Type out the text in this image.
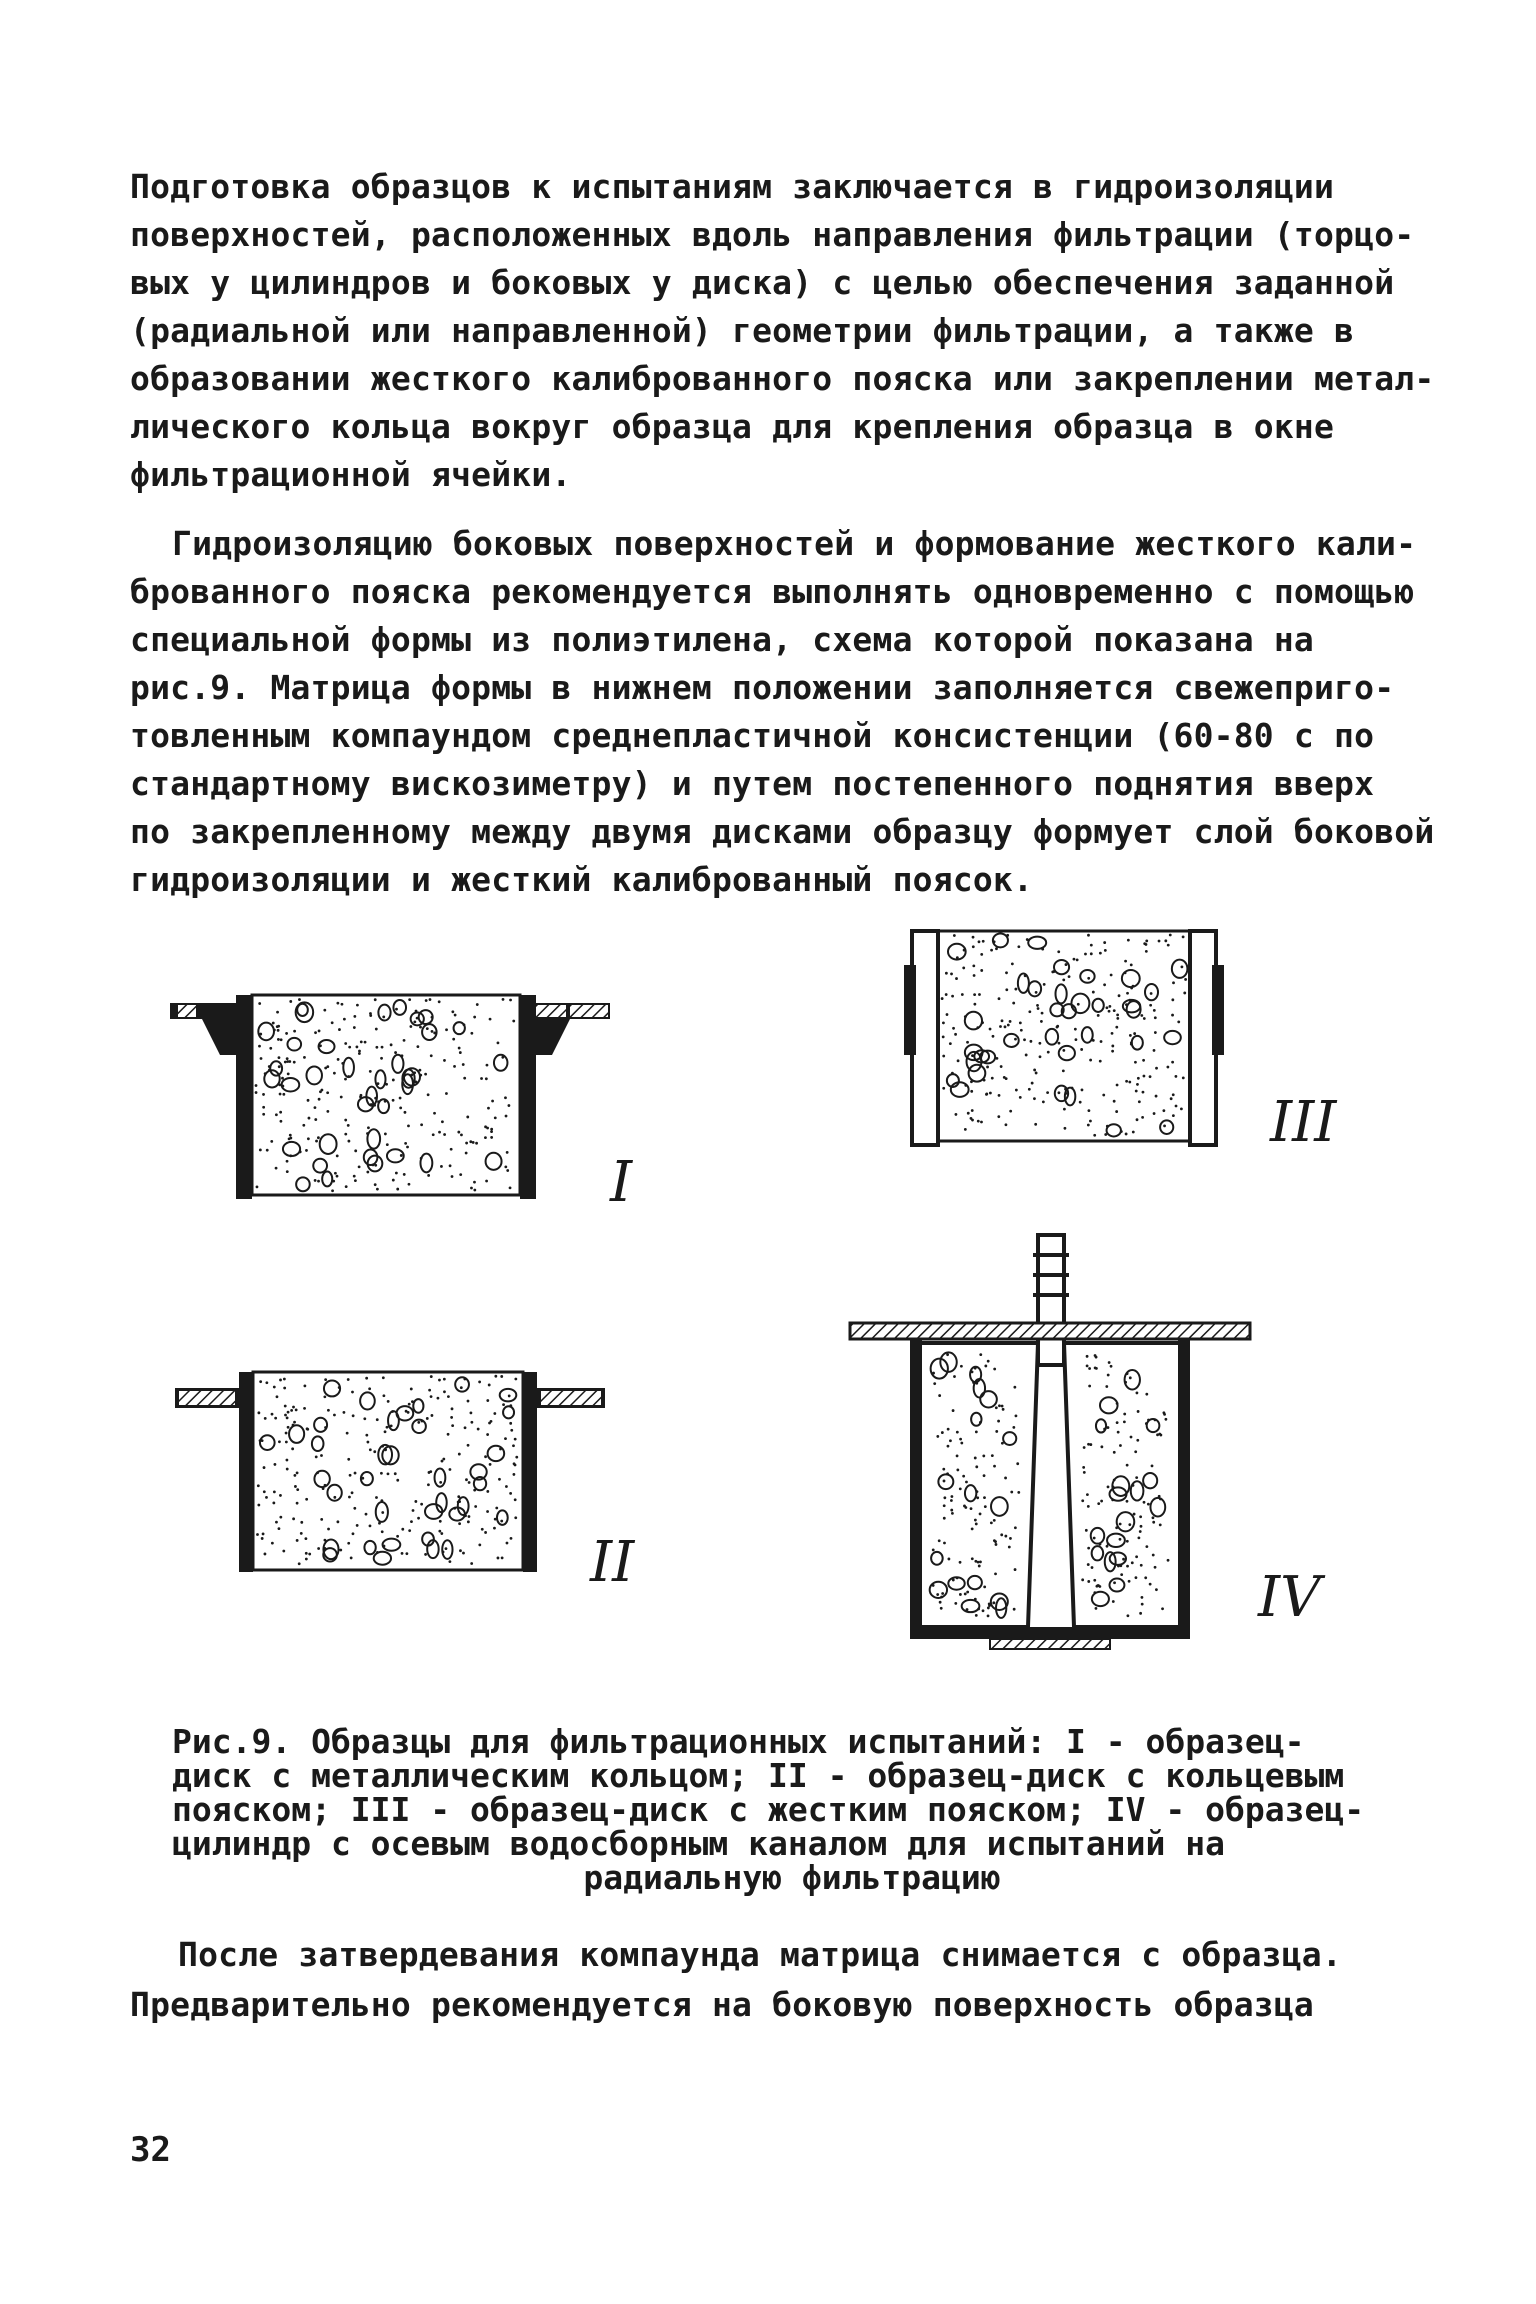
Подготовка образцов к испытаниям заключается в гидроизоляции
поверхностей, расположенных вдоль направления фильтрации (торцо-
вых у цилиндров и боковых у диска) с целью обеспечения заданной
(радиальной или направленной) геометрии фильтрации, а также в
образовании жесткого калиброванного пояска или закреплении метал-
лического кольца вокруг образца для крепления образца в окне
фильтрационной ячейки.
Гидроизоляцию боковых поверхностей и формование жесткого кали-
брованного пояска рекомендуется выполнять одновременно с помощью
специальной формы из полиэтилена, схема которой показана на
рис.9. Матрица формы в нижнем положении заполняется свежеприго-
товленным компаундом среднепластичной консистенции (60-80 с по
стандартному вискозиметру) и путем постепенного поднятия вверх
по закрепленному между двумя дисками образцу формует слой боковой
гидроизоляции и жесткий калиброванный поясок.
I
II
III
IV
Рис.9. Образцы для фильтрационных испытаний: I - образец-
диск с металлическим кольцом; II - образец-диск с кольцевым
пояском; III - образец-диск с жестким пояском; IV - образец-
цилиндр с осевым водосборным каналом для испытаний на
радиальную фильтрацию
После затвердевания компаунда матрица снимается с образца.
Предварительно рекомендуется на боковую поверхность образца
32
